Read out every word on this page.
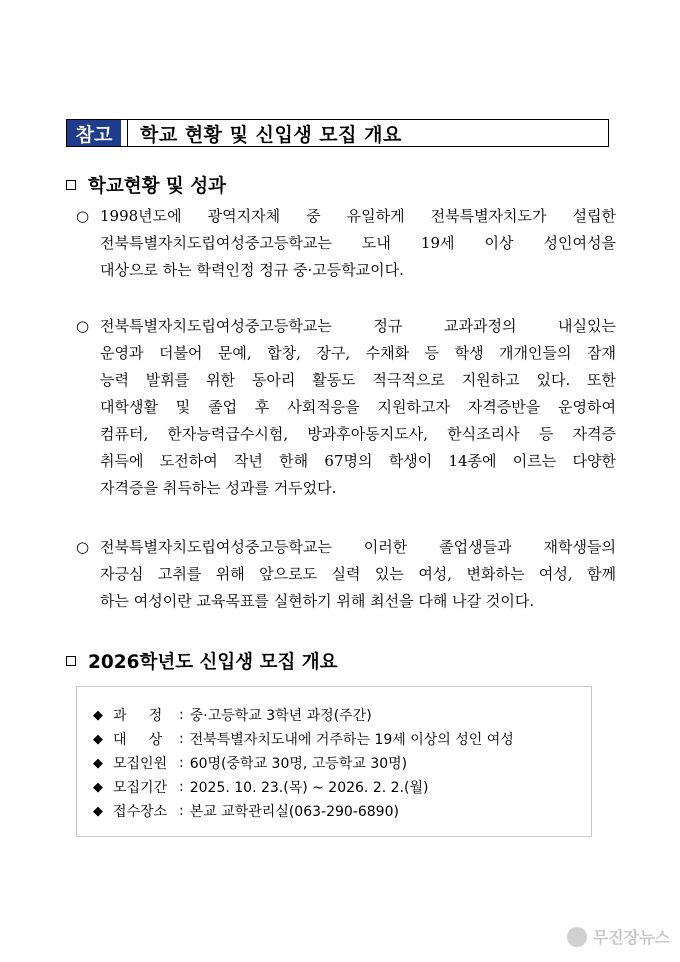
참고	학교 현황 및 신입생 모집 개요
학교현황 및 성과
○ 1998년도에 광역지자체 중 유일하게 전북특별자치도가 설립한
전북특별자치도립여성중고등학교는 도내 19세 이상 성인여성을
대상으로 하는 학력인정 정규 중·고등학교이다.
○ 전북특별자치도립여성중고등학교는 정규 교과과정의 내실있는
운영과 더불어 문예, 합창, 장구, 수채화 등 학생 개개인들의 잠재
능력 발휘를 위한 동아리 활동도 적극적으로 지원하고 있다. 또한
대학생활 및 졸업 후 사회적응을 지원하고자 자격증반을 운영하여
컴퓨터, 한자능력급수시험, 방과후아동지도사, 한식조리사 등 자격증
취득에 도전하여 작년 한해 67명의 학생이 14종에 이르는 다양한
자격증을 취득하는 성과를 거두었다.
○ 전북특별자치도립여성중고등학교는 이러한 졸업생들과 재학생들의
자긍심 고취를 위해 앞으로도 실력 있는 여성, 변화하는 여성, 함께
하는 여성이란 교육목표를 실현하기 위해 최선을 다해 나갈 것이다.
2026학년도 신입생 모집 개요
◆ 과     정	: 중·고등학교 3학년 과정(주간)
◆ 대     상	: 전북특별자치도내에 거주하는 19세 이상의 성인 여성
◆ 모집인원 : 60명(중학교 30명, 고등학교 30명)
◆ 모집기간 : 2025. 10. 23.(목) ~ 2026. 2. 2.(월)
◆ 접수장소 : 본교 교학관리실(063-290-6890)
무진장뉴스
